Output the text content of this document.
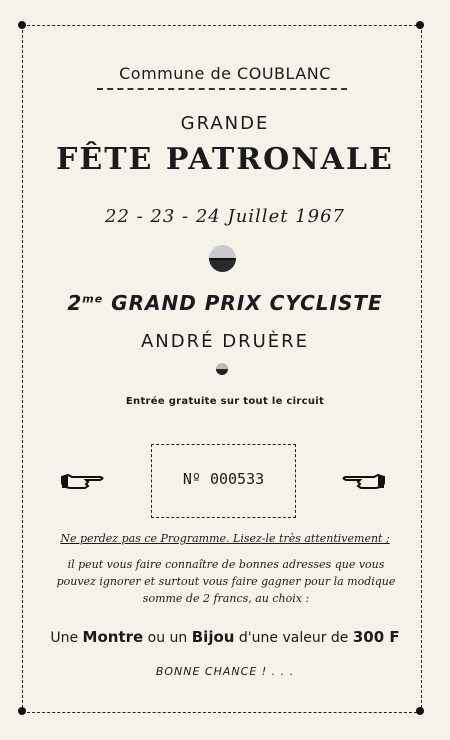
Commune de COUBLANC
GRANDE
FÊTE PATRONALE
22 - 23 - 24 Juillet 1967
$2^{me}$ GRAND PRIX CYCLISTE
ANDRÉ DRUÈRE
Entrée gratuite sur tout le circuit
Nº 000533
Ne perdez pas ce Programme. Lisez-le très attentivement ;
il peut vous faire connaître de bonnes adresses que vous pouvez ignorer et surtout vous faire gagner pour la modique somme de 2 francs, au choix :
Une Montre ou un Bijou d'une valeur de 300 F
BONNE CHANCE ! . . .
